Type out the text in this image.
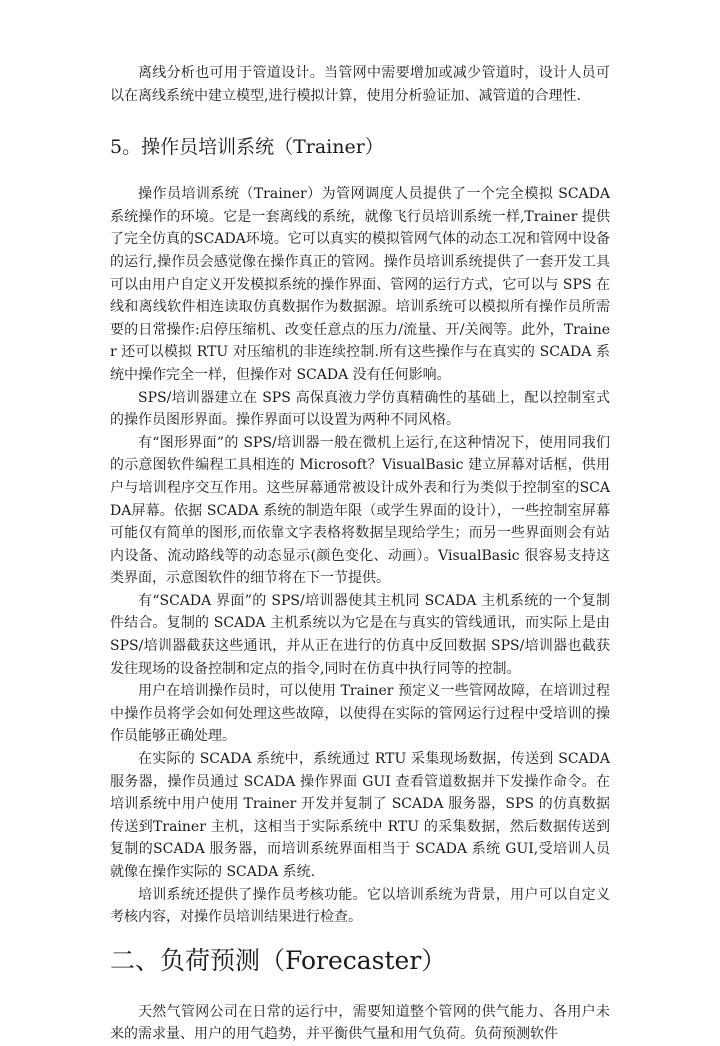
离线分析也可用于管道设计。当管网中需要增加或减少管道时，设计人员可以在离线系统中建立模型,进行模拟计算，使用分析验证加、减管道的合理性.

5。操作员培训系统（Trainer）

操作员培训系统（Trainer）为管网调度人员提供了一个完全模拟 SCADA 系统操作的环境。它是一套离线的系统，就像飞行员培训系统一样,Trainer 提供了完全仿真的SCADA环境。它可以真实的模拟管网气体的动态工况和管网中设备的运行,操作员会感觉像在操作真正的管网。操作员培训系统提供了一套开发工具可以由用户自定义开发模拟系统的操作界面、管网的运行方式，它可以与 SPS 在线和离线软件相连读取仿真数据作为数据源。培训系统可以模拟所有操作员所需要的日常操作:启停压缩机、改变任意点的压力/流量、开/关阀等。此外，Trainer 还可以模拟 RTU 对压缩机的非连续控制.所有这些操作与在真实的 SCADA 系统中操作完全一样，但操作对 SCADA 没有任何影响。

SPS/培训器建立在 SPS 高保真液力学仿真精确性的基础上，配以控制室式的操作员图形界面。操作界面可以设置为两种不同风格。

有“图形界面”的 SPS/培训器一般在微机上运行,在这种情况下，使用同我们的示意图软件编程工具相连的 Microsoft？VisualBasic 建立屏幕对话框，供用户与培训程序交互作用。这些屏幕通常被设计成外表和行为类似于控制室的SCADA屏幕。依据 SCADA 系统的制造年限（或学生界面的设计），一些控制室屏幕可能仅有简单的图形,而依靠文字表格将数据呈现给学生；而另一些界面则会有站内设备、流动路线等的动态显示(颜色变化、动画）。VisualBasic 很容易支持这类界面，示意图软件的细节将在下一节提供。

有“SCADA 界面”的 SPS/培训器使其主机同 SCADA 主机系统的一个复制件结合。复制的 SCADA 主机系统以为它是在与真实的管线通讯，而实际上是由 SPS/培训器截获这些通讯，并从正在进行的仿真中反回数据 SPS/培训器也截获发往现场的设备控制和定点的指令,同时在仿真中执行同等的控制。

用户在培训操作员时，可以使用 Trainer 预定义一些管网故障，在培训过程中操作员将学会如何处理这些故障，以使得在实际的管网运行过程中受培训的操作员能够正确处理。

在实际的 SCADA 系统中，系统通过 RTU 采集现场数据，传送到 SCADA 服务器，操作员通过 SCADA 操作界面 GUI 查看管道数据并下发操作命令。在培训系统中用户使用 Trainer 开发并复制了 SCADA 服务器，SPS 的仿真数据传送到Trainer 主机，这相当于实际系统中 RTU 的采集数据，然后数据传送到复制的SCADA 服务器，而培训系统界面相当于 SCADA 系统 GUI,受培训人员就像在操作实际的 SCADA 系统.

培训系统还提供了操作员考核功能。它以培训系统为背景，用户可以自定义考核内容，对操作员培训结果进行检查。

二、负荷预测（Forecaster）

天然气管网公司在日常的运行中，需要知道整个管网的供气能力、各用户未来的需求量、用户的用气趋势，并平衡供气量和用气负荷。负荷预测软件
